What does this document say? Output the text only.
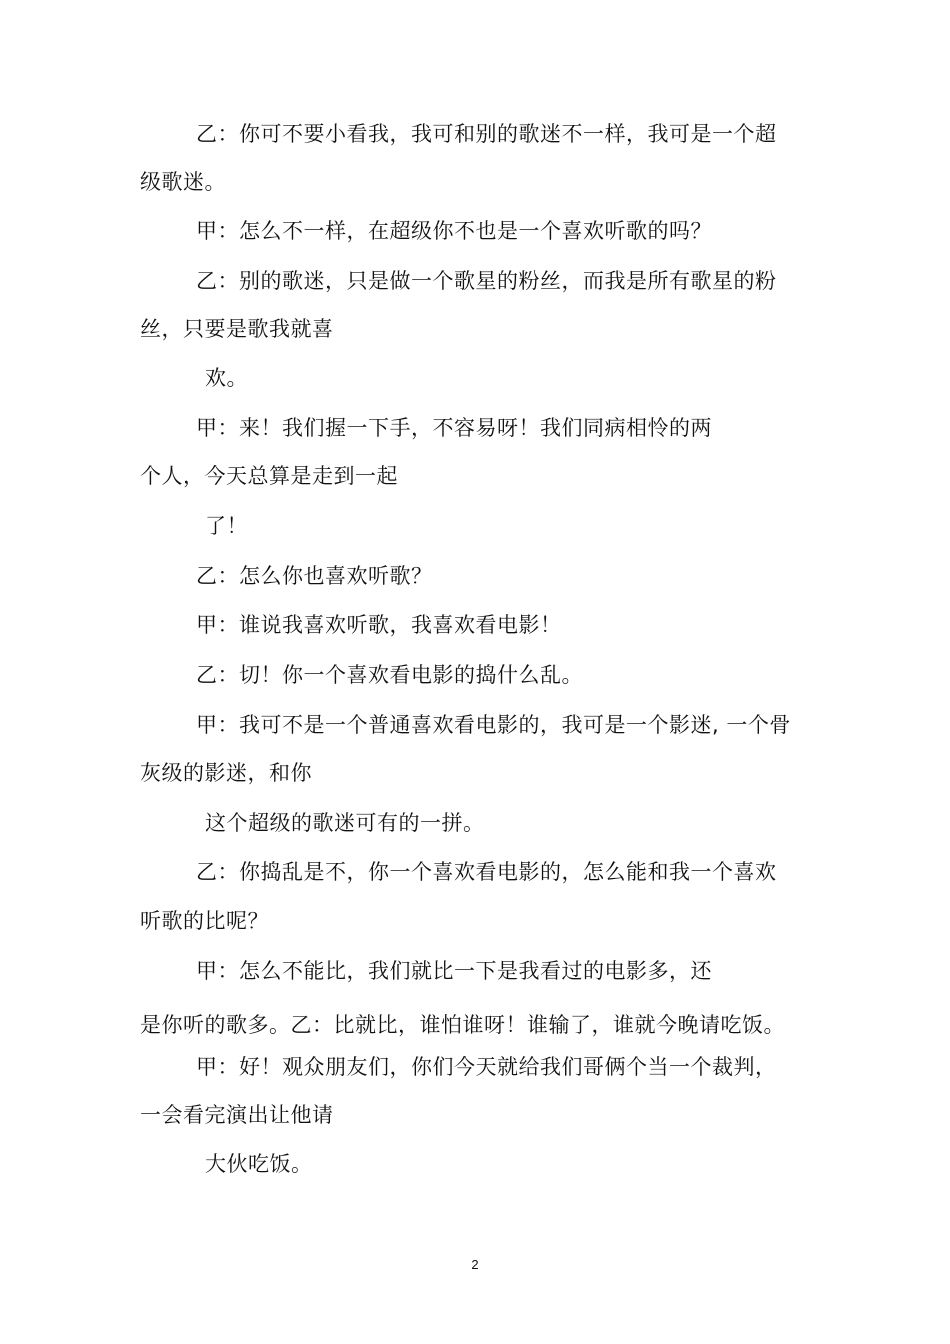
乙：你可不要小看我，我可和别的歌迷不一样，我可是一个超
级歌迷。
甲：怎么不一样，在超级你不也是一个喜欢听歌的吗？
乙：别的歌迷，只是做一个歌星的粉丝，而我是所有歌星的粉
丝，只要是歌我就喜
欢。
甲：来！我们握一下手，不容易呀！我们同病相怜的两
个人，今天总算是走到一起
了！
乙：怎么你也喜欢听歌？
甲：谁说我喜欢听歌，我喜欢看电影！
乙：切！你一个喜欢看电影的捣什么乱。
甲：我可不是一个普通喜欢看电影的，我可是一个影迷, 一个骨
灰级的影迷，和你
这个超级的歌迷可有的一拼。
乙：你捣乱是不，你一个喜欢看电影的，怎么能和我一个喜欢
听歌的比呢？
甲：怎么不能比，我们就比一下是我看过的电影多，还
是你听的歌多。乙：比就比，谁怕谁呀！谁输了，谁就今晚请吃饭。
甲：好！观众朋友们，你们今天就给我们哥俩个当一个裁判，
一会看完演出让他请
大伙吃饭。
2
